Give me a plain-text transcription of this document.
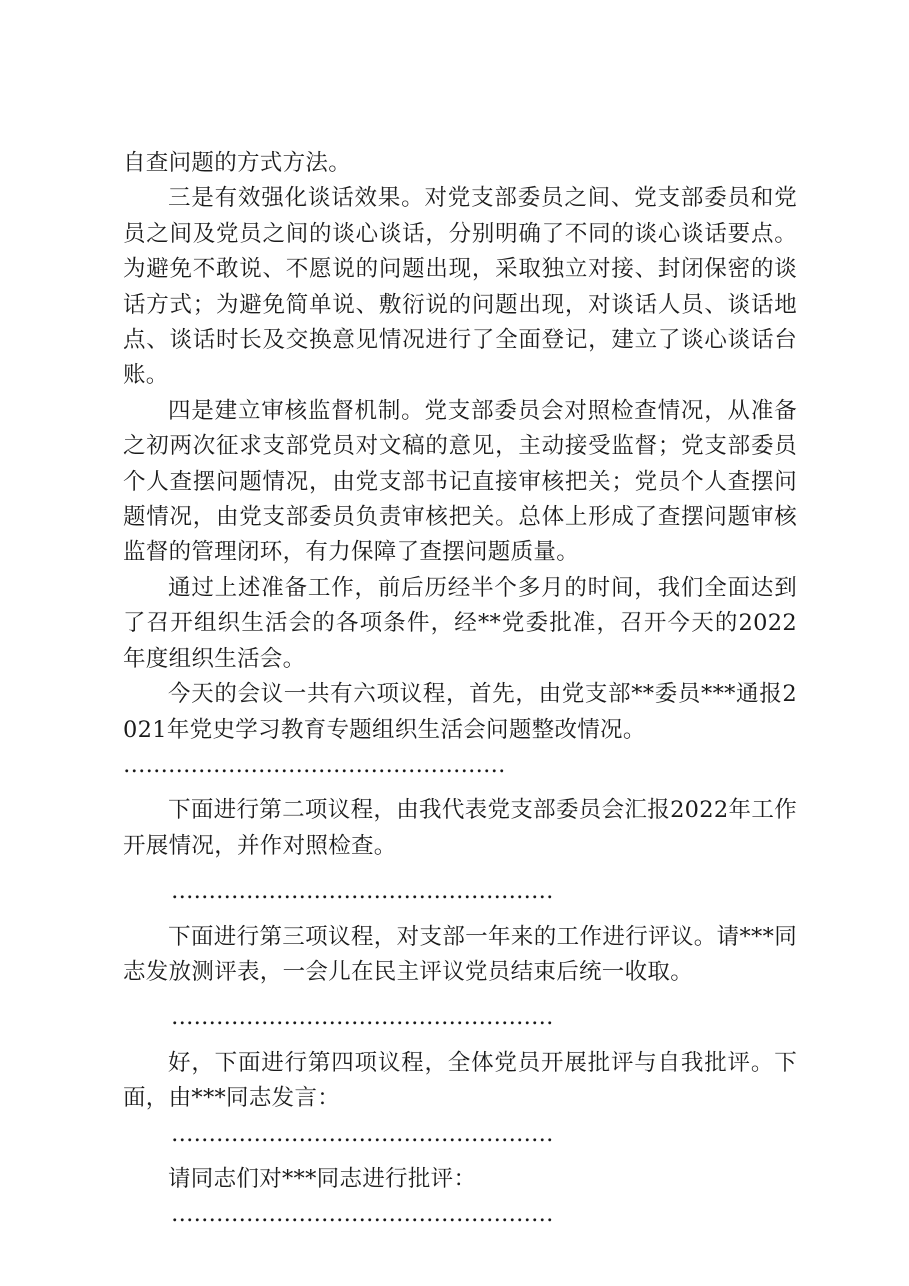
自查问题的方式方法。

三是有效强化谈话效果。对党支部委员之间、党支部委员和党员之间及党员之间的谈心谈话，分别明确了不同的谈心谈话要点。为避免不敢说、不愿说的问题出现，采取独立对接、封闭保密的谈话方式；为避免简单说、敷衍说的问题出现，对谈话人员、谈话地点、谈话时长及交换意见情况进行了全面登记，建立了谈心谈话台账。

四是建立审核监督机制。党支部委员会对照检查情况，从准备之初两次征求支部党员对文稿的意见，主动接受监督；党支部委员个人查摆问题情况，由党支部书记直接审核把关；党员个人查摆问题情况，由党支部委员负责审核把关。总体上形成了查摆问题审核监督的管理闭环，有力保障了查摆问题质量。

通过上述准备工作，前后历经半个多月的时间，我们全面达到了召开组织生活会的各项条件，经**党委批准，召开今天的2022年度组织生活会。

今天的会议一共有六项议程，首先，由党支部**委员***通报2021年党史学习教育专题组织生活会问题整改情况。

……………………………………………

下面进行第二项议程，由我代表党支部委员会汇报2022年工作开展情况，并作对照检查。

……………………………………………

下面进行第三项议程，对支部一年来的工作进行评议。请***同志发放测评表，一会儿在民主评议党员结束后统一收取。

……………………………………………

好，下面进行第四项议程，全体党员开展批评与自我批评。下面，由***同志发言：

……………………………………………

请同志们对***同志进行批评：

……………………………………………
